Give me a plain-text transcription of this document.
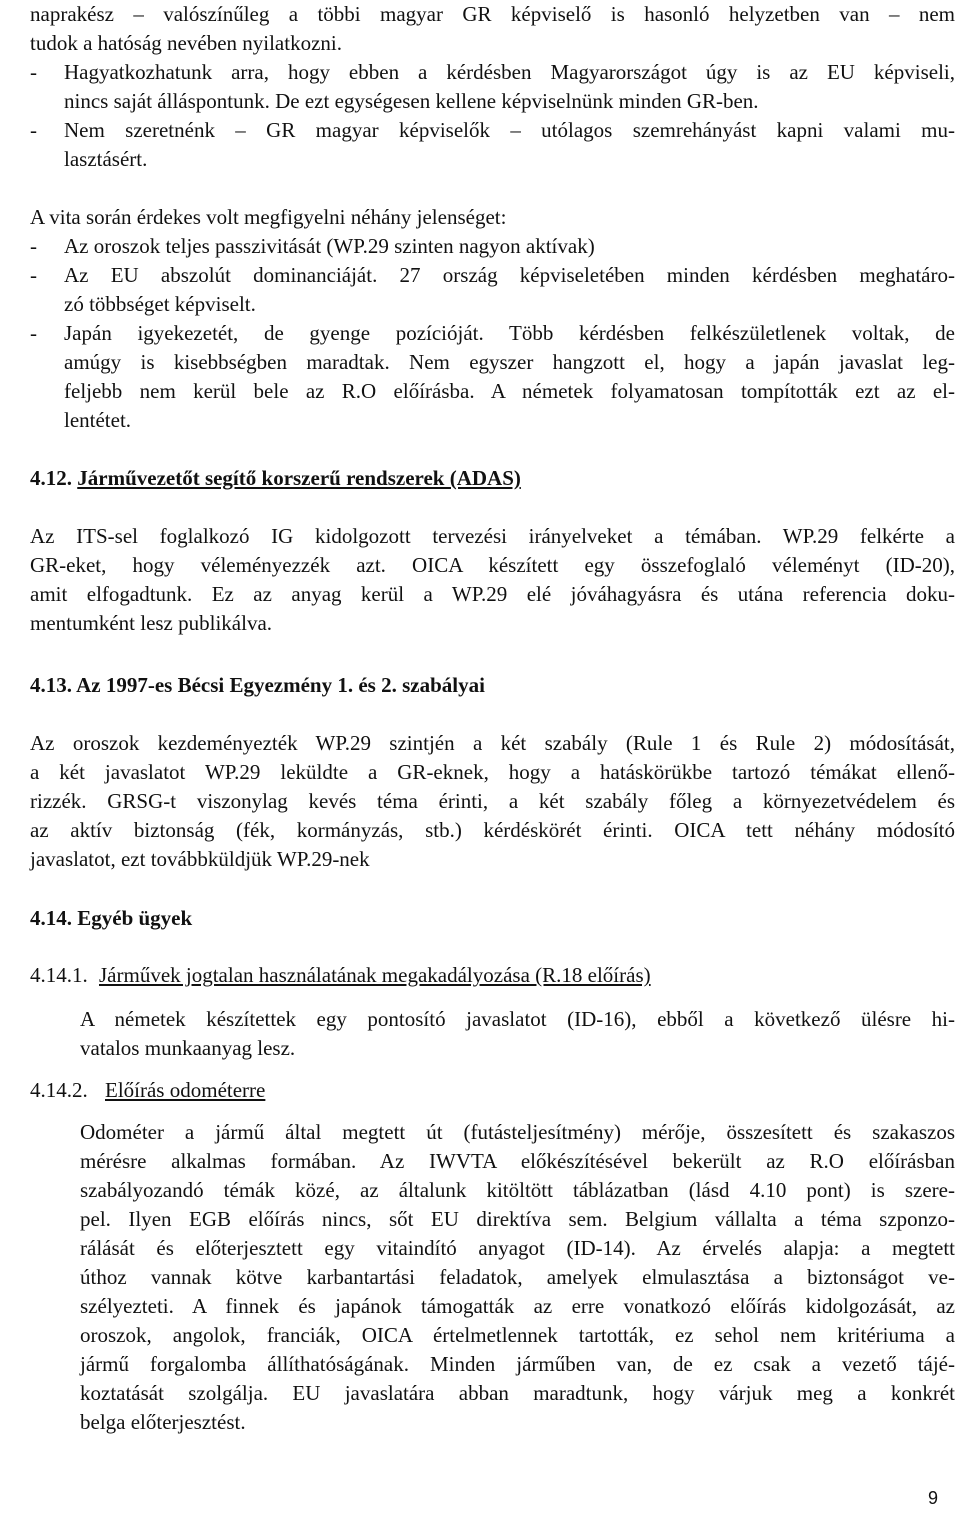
naprakész – valószínűleg a többi magyar GR képviselő is hasonló helyzetben van – nem
tudok a hatóság nevében nyilatkozni.
-	Hagyatkozhatunk arra, hogy ebben a kérdésben Magyarországot úgy is az EU képviseli,
nincs saját álláspontunk. De ezt egységesen kellene képviselnünk minden GR-ben.
-	Nem szeretnénk – GR magyar képviselők – utólagos szemrehányást kapni valami mu-
lasztásért.
A vita során érdekes volt megfigyelni néhány jelenséget:
-	Az oroszok teljes passzivitását (WP.29 szinten nagyon aktívak)
-	Az EU abszolút dominanciáját. 27 ország képviseletében minden kérdésben meghatáro-
zó többséget képviselt.
-	Japán igyekezetét, de gyenge pozícióját. Több kérdésben felkészületlenek voltak, de
amúgy is kisebbségben maradtak. Nem egyszer hangzott el, hogy a japán javaslat leg-
feljebb nem kerül bele az R.O előírásba. A németek folyamatosan tompították ezt az el-
lentétet.
4.12. Járművezetőt segítő korszerű rendszerek (ADAS)
Az ITS-sel foglalkozó IG kidolgozott tervezési irányelveket a témában. WP.29 felkérte a
GR-eket, hogy véleményezzék azt. OICA készített egy összefoglaló véleményt (ID-20),
amit elfogadtunk. Ez az anyag kerül a WP.29 elé jóváhagyásra és utána referencia doku-
mentumként lesz publikálva.
4.13. Az 1997-es Bécsi Egyezmény 1. és 2. szabályai
Az oroszok kezdeményezték WP.29 szintjén a két szabály (Rule 1 és Rule 2) módosítását,
a két javaslatot WP.29 leküldte a GR-eknek, hogy a hatáskörükbe tartozó témákat ellenő-
rizzék. GRSG-t viszonylag kevés téma érinti, a két szabály főleg a környezetvédelem és
az aktív biztonság (fék, kormányzás, stb.) kérdéskörét érinti. OICA tett néhány módosító
javaslatot, ezt továbbküldjük WP.29-nek
4.14. Egyéb ügyek
4.14.1. Járművek jogtalan használatának megakadályozása (R.18 előírás)
A németek készítettek egy pontosító javaslatot (ID-16), ebből a következő ülésre hi-
vatalos munkaanyag lesz.
4.14.2. Előírás odométerre
Odométer a jármű által megtett út (futásteljesítmény) mérője, összesített és szakaszos
mérésre alkalmas formában. Az IWVTA előkészítésével bekerült az R.O előírásban
szabályozandó témák közé, az általunk kitöltött táblázatban (lásd 4.10 pont) is szere-
pel. Ilyen EGB előírás nincs, sőt EU direktíva sem. Belgium vállalta a téma szponzo-
rálását és előterjesztett egy vitaindító anyagot (ID-14). Az érvelés alapja: a megtett
úthoz vannak kötve karbantartási feladatok, amelyek elmulasztása a biztonságot ve-
szélyezteti. A finnek és japánok támogatták az erre vonatkozó előírás kidolgozását, az
oroszok, angolok, franciák, OICA értelmetlennek tartották, ez sehol nem kritériuma a
jármű forgalomba állíthatóságának. Minden járműben van, de ez csak a vezető tájé-
koztatását szolgálja. EU javaslatára abban maradtunk, hogy várjuk meg a konkrét
belga előterjesztést.
9
